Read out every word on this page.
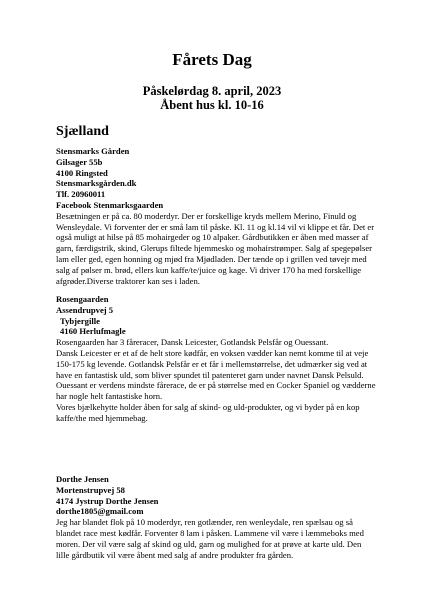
Fårets Dag

Påskelørdag 8. april, 2023

Åbent hus kl. 10-16

Sjælland
Stensmarks Gården
Gilsager 55b
4100 Ringsted
Stensmarksgården.dk
Tlf. 20960011
Facebook Stenmarksgaarden

Besætningen er på ca. 80 moderdyr. Der er forskellige kryds mellem Merino, Finuld og Wensleydale. Vi forventer der er små lam til påske. Kl. 11 og kl.14 vil vi klippe et får. Det er også muligt at hilse på 85 mohairgeder og 10 alpaker. Gårdbutikken er åben med masser af garn, færdigstrik, skind, Glerups filtede hjemmesko og mohairstrømper. Salg af spegepølser lam eller ged, egen honning og mjød fra Mjødladen. Der tænde op i grillen ved tøvejr med salg af pølser m. brød, ellers kun kaffe/te/juice og kage. Vi driver 170 ha med forskellige afgrøder.Diverse traktorer kan ses i laden.

Rosengaarden
Assendrupvej 5
Tybjergille
4160 Herlufmagle

Rosengaarden har 3 fåreracer, Dansk Leicester, Gotlandsk Pelsfår og Ouessant.
Dansk Leicester er et af de helt store kødfår, en voksen vædder kan nemt komme til at veje 150-175 kg levende. Gotlandsk Pelsfår er et får i mellemstørrelse, det udmærker sig ved at have en fantastisk uld, som bliver spundet til patenteret garn under navnet Dansk Pelsuld. Ouessant er verdens mindste fårerace, de er på størrelse med en Cocker Spaniel og vædderne har nogle helt fantastiske horn.
Vores bjælkehytte holder åben for salg af skind- og uld-produkter, og vi byder på en kop kaffe/the med hjemmebag.

Dorthe Jensen
Mortenstrupvej 58
4174 Jystrup Dorthe Jensen
dorthe1805@gmail.com

Jeg har blandet flok på 10 moderdyr, ren gotlænder, ren wenleydale, ren spælsau og så blandet race mest kødfår. Forventer 8 lam i påsken. Lammene vil være i læmmeboks med moren. Der vil være salg af skind og uld, garn og mulighed for at prøve at karte uld. Den lille gårdbutik vil være åbent med salg af andre produkter fra gården.
